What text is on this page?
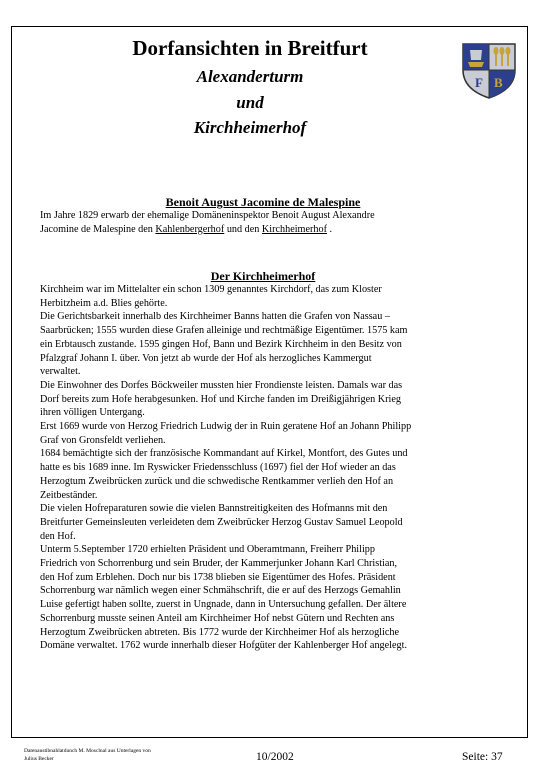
Dorfansichten in Breitfurt
Alexanderturm
und
Kirchheimerhof
F B
Benoit August Jacomine de Malespine

Im Jahre 1829 erwarb der ehemalige Domäneninspektor Benoit August Alexandre

Jacomine de Malespine den Kahlenbergerhof und den Kirchheimerhof .

Der Kirchheimerhof

Kirchheim war im Mittelalter ein schon 1309 genanntes Kirchdorf, das zum Kloster

Herbitzheim a.d. Blies gehörte.

Die Gerichtsbarkeit innerhalb des Kirchheimer Banns hatten die Grafen von Nassau –

Saarbrücken; 1555 wurden diese Grafen alleinige und rechtmäßige Eigentümer. 1575 kam

ein Erbtausch zustande. 1595 gingen Hof, Bann und Bezirk Kirchheim in den Besitz von

Pfalzgraf Johann I. über. Von jetzt ab wurde der Hof als herzogliches Kammergut

verwaltet.

Die Einwohner des Dorfes Böckweiler mussten hier Frondienste leisten. Damals war das

Dorf bereits zum Hofe herabgesunken. Hof und Kirche fanden im Dreißigjährigen Krieg

ihren völligen Untergang.

Erst 1669 wurde von Herzog Friedrich Ludwig der in Ruin geratene Hof an Johann Philipp

Graf von Gronsfeldt verliehen.

1684 bemächtigte sich der französische Kommandant auf Kirkel, Montfort, des Gutes und

hatte es bis 1689 inne. Im Ryswicker Friedensschluss (1697) fiel der Hof wieder an das

Herzogtum Zweibrücken zurück und die schwedische Rentkammer verlieh den Hof an

Zeitbeständer.

Die vielen Hofreparaturen sowie die vielen Bannstreitigkeiten des Hofmanns mit den

Breitfurter Gemeinsleuten verleideten dem Zweibrücker Herzog Gustav Samuel Leopold

den Hof.

Unterm 5.September 1720 erhielten Präsident und Oberamtmann, Freiherr Philipp

Friedrich von Schorrenburg und sein Bruder, der Kammerjunker Johann Karl Christian,

den Hof zum Erblehen. Doch nur bis 1738 blieben sie Eigentümer des Hofes. Präsident

Schorrenburg war nämlich wegen einer Schmähschrift, die er auf des Herzogs Gemahlin

Luise gefertigt haben sollte, zuerst in Ungnade, dann in Untersuchung gefallen. Der ältere

Schorrenburg musste seinen Anteil am Kirchheimer Hof nebst Gütern und Rechten ans

Herzogtum Zweibrücken abtreten. Bis 1772 wurde der Kirchheimer Hof als herzogliche

Domäne verwaltet. 1762 wurde innerhalb dieser Hofgüter der Kahlenberger Hof angelegt.

Datenaustibnahlatdunch M. Mosclnal aus Unterlagen von
Julius Becker	10/2002	Seite: 37
